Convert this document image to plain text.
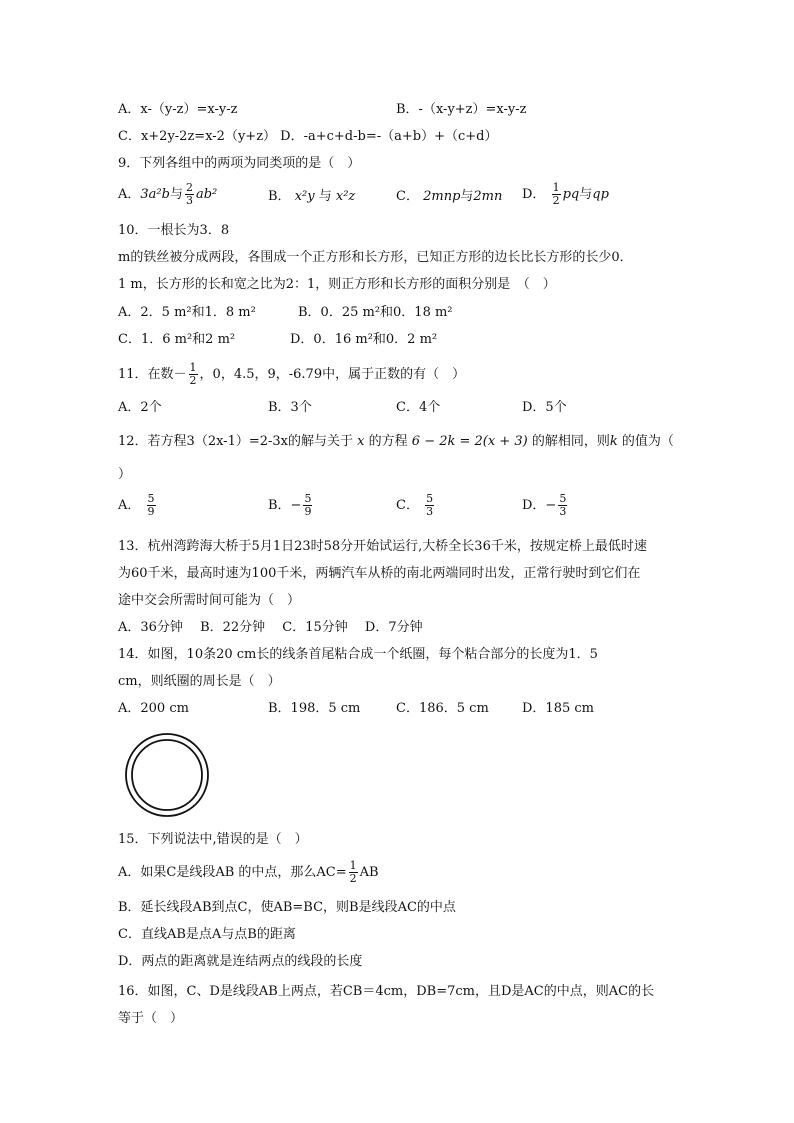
A．x-（y-z）=x-y-z	B．-（x-y+z）=x-y-z
C．x+2y-2z=x-2（y+z） D．-a+c+d-b=-（a+b）+（c+d）
9．下列各组中的两项为同类项的是（　）
A．3a²b与 $\frac{2}{3} ab^2$	B． x²y 与 x²z	C． 2mnp与2mn D． $\frac{1}{2}$ pq与qp
10．一根长为3．8
m的铁丝被分成两段，各围成一个正方形和长方形，已知正方形的边长比长方形的长少0．
1 m，长方形的长和宽之比为2：1，则正方形和长方形的面积分别是　（　）
A．2．5 m²和1．8 m²	B．0．25 m²和0．18 m²
C．1．6 m²和2 m²	D．0．16 m²和0．2 m²
11．在数－ $\frac{1}{2}$ ，0，4.5，9，-6.79中，属于正数的有（　）
A．2个	B．3个	C．4个	D．5个
12．若方程3（2x-1）=2-3x的解与关于 x 的方程 6 − 2k = 2(x + 3) 的解相同，则k 的值为（
）
A． $\frac{5}{9}$	B．− $\frac{5}{9}$	C． $\frac{5}{3}$	D．− $\frac{5}{3}$
13．杭州湾跨海大桥于5月1日23时58分开始试运行,大桥全长36千米，按规定桥上最低时速
为60千米，最高时速为100千米，两辆汽车从桥的南北两端同时出发，正常行驶时到它们在
途中交会所需时间可能为（　）
A．36分钟　 B．22分钟　 C．15分钟　 D．7分钟
14．如图，10条20 cm长的线条首尾粘合成一个纸圈，每个粘合部分的长度为1．5
cm，则纸圈的周长是（　）
A．200 cm	B．198．5 cm	C．186．5 cm	D．185 cm
15．下列说法中,错误的是（　）
A．如果C是线段AB 的中点，那么$AC= \frac{1}{2}$ AB
B．延长线段AB到点C，使AB=BC，则B是线段AC的中点
C．直线AB是点A与点B的距离
D．两点的距离就是连结两点的线段的长度
16．如图，C、D是线段AB上两点，若CB＝4cm，DB=7cm，且D是AC的中点，则AC的长
等于（　）
